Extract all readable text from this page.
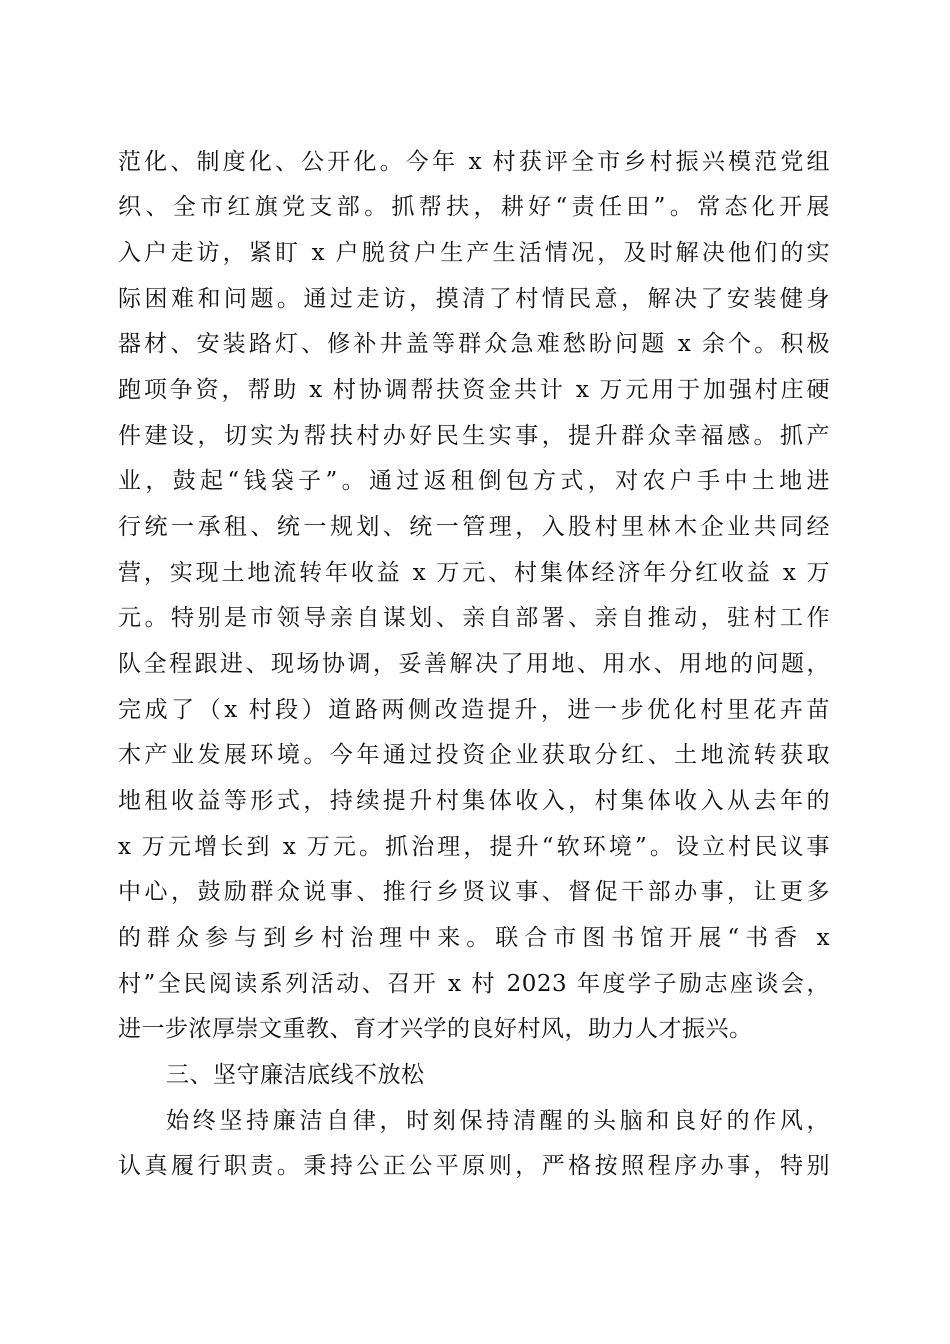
范化、制度化、公开化。今年 x 村获评全市乡村振兴模范党组
织、全市红旗党支部。抓帮扶，耕好“责任田”。常态化开展
入户走访，紧盯 x 户脱贫户生产生活情况，及时解决他们的实
际困难和问题。通过走访，摸清了村情民意，解决了安装健身
器材、安装路灯、修补井盖等群众急难愁盼问题 x 余个。积极
跑项争资，帮助 x 村协调帮扶资金共计 x 万元用于加强村庄硬
件建设，切实为帮扶村办好民生实事，提升群众幸福感。抓产
业，鼓起“钱袋子”。通过返租倒包方式，对农户手中土地进
行统一承租、统一规划、统一管理，入股村里林木企业共同经
营，实现土地流转年收益 x 万元、村集体经济年分红收益 x 万
元。特别是市领导亲自谋划、亲自部署、亲自推动，驻村工作
队全程跟进、现场协调，妥善解决了用地、用水、用地的问题，
完成了（x 村段）道路两侧改造提升，进一步优化村里花卉苗
木产业发展环境。今年通过投资企业获取分红、土地流转获取
地租收益等形式，持续提升村集体收入，村集体收入从去年的
x 万元增长到 x 万元。抓治理，提升“软环境”。设立村民议事
中心，鼓励群众说事、推行乡贤议事、督促干部办事，让更多
的群众参与到乡村治理中来。联合市图书馆开展“书香 x
村”全民阅读系列活动、召开 x 村 2023 年度学子励志座谈会，
进一步浓厚崇文重教、育才兴学的良好村风，助力人才振兴。
三、坚守廉洁底线不放松
始终坚持廉洁自律，时刻保持清醒的头脑和良好的作风，
认真履行职责。秉持公正公平原则，严格按照程序办事，特别
